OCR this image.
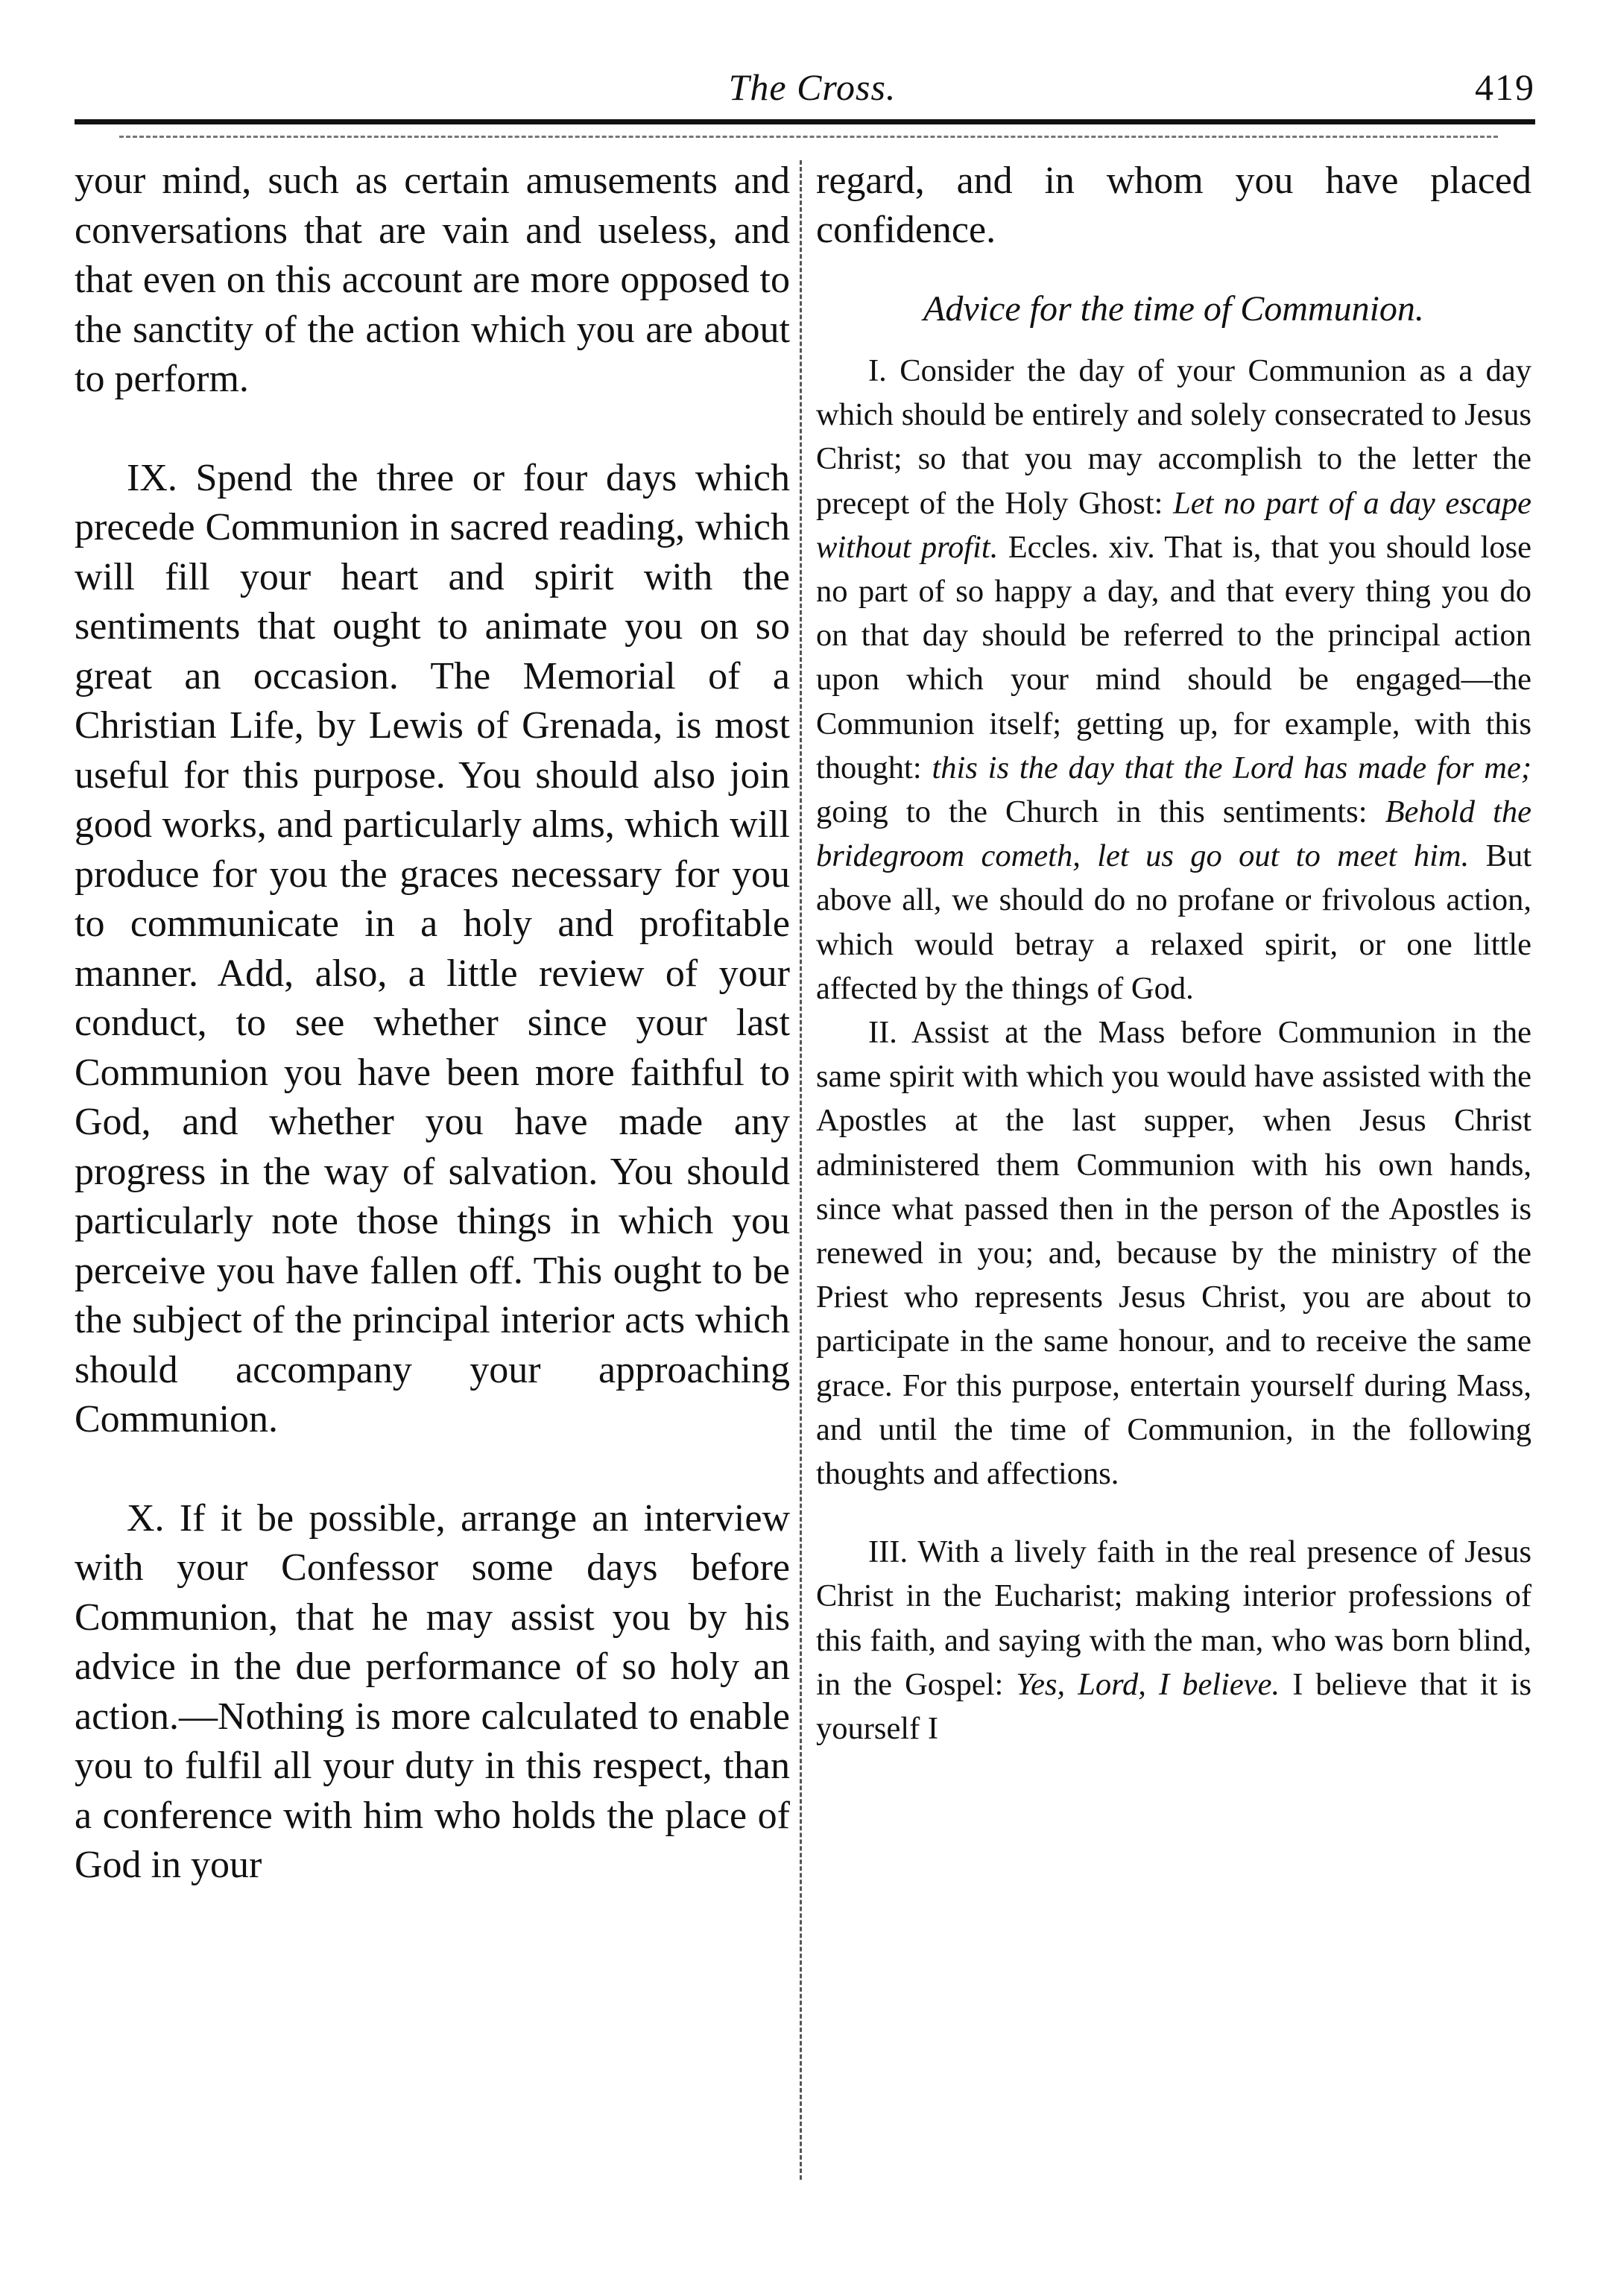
The Cross.	419

your mind, such as certain amusements and conversations that are vain and useless, and that even on this account are more opposed to the sanctity of the action which you are about to perform.

IX. Spend the three or four days which precede Communion in sacred reading, which will fill your heart and spirit with the sentiments that ought to animate you on so great an occasion. The Memorial of a Christian Life, by Lewis of Grenada, is most useful for this purpose. You should also join good works, and particularly alms, which will produce for you the graces necessary for you to communicate in a holy and profitable manner. Add, also, a little review of your conduct, to see whether since your last Communion you have been more faithful to God, and whether you have made any progress in the way of salvation. You should particularly note those things in which you perceive you have fallen off. This ought to be the subject of the principal interior acts which should accompany your approaching Communion.

X. If it be possible, arrange an interview with your Confessor some days before Communion, that he may assist you by his advice in the due performance of so holy an action.—Nothing is more calculated to enable you to fulfil all your duty in this respect, than a conference with him who holds the place of God in your

regard, and in whom you have placed confidence.

Advice for the time of Communion.

I. Consider the day of your Communion as a day which should be entirely and solely consecrated to Jesus Christ; so that you may accomplish to the letter the precept of the Holy Ghost: Let no part of a day escape without profit. Eccles. xiv. That is, that you should lose no part of so happy a day, and that every thing you do on that day should be referred to the principal action upon which your mind should be engaged—the Communion itself; getting up, for example, with this thought: this is the day that the Lord has made for me; going to the Church in this sentiments: Behold the bridegroom cometh, let us go out to meet him. But above all, we should do no profane or frivolous action, which would betray a relaxed spirit, or one little affected by the things of God.

II. Assist at the Mass before Communion in the same spirit with which you would have assisted with the Apostles at the last supper, when Jesus Christ administered them Communion with his own hands, since what passed then in the person of the Apostles is renewed in you; and, because by the ministry of the Priest who represents Jesus Christ, you are about to participate in the same honour, and to receive the same grace. For this purpose, entertain yourself during Mass, and until the time of Communion, in the following thoughts and affections.

III. With a lively faith in the real presence of Jesus Christ in the Eucharist; making interior professions of this faith, and saying with the man, who was born blind, in the Gospel: Yes, Lord, I believe. I believe that it is yourself I
